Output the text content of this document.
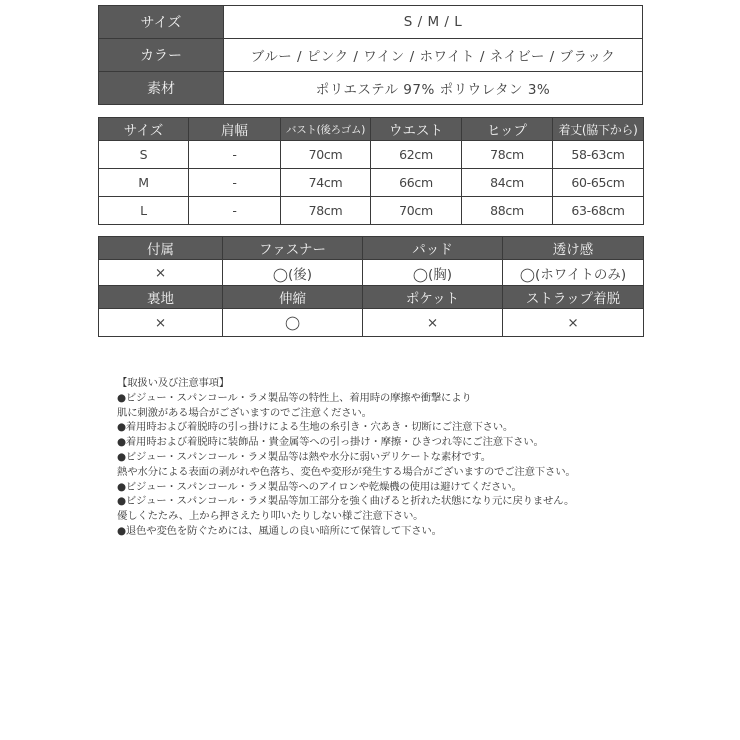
サイズ	S / M / L
カラー	ブルー / ピンク / ワイン / ホワイト / ネイビー / ブラック
素材	ポリエステル 97% ポリウレタン 3%
サイズ	肩幅	バスト(後ろゴム)	ウエスト	ヒップ	着丈(脇下から)
S	-	70cm	62cm	78cm	58-63cm
M	-	74cm	66cm	84cm	60-65cm
L	-	78cm	70cm	88cm	63-68cm
付属	ファスナー	パッド	透け感
×	◯(後)	◯(胸)	◯(ホワイトのみ)
裏地	伸縮	ポケット	ストラップ着脱
×	◯	×	×
【取扱い及び注意事項】
●ビジュー・スパンコール・ラメ製品等の特性上、着用時の摩擦や衝撃により
肌に刺激がある場合がございますのでご注意ください。
●着用時および着脱時の引っ掛けによる生地の糸引き・穴あき・切断にご注意下さい。
●着用時および着脱時に装飾品・貴金属等への引っ掛け・摩擦・ひきつれ等にご注意下さい。
●ビジュー・スパンコール・ラメ製品等は熱や水分に弱いデリケートな素材です。
熱や水分による表面の剥がれや色落ち、変色や変形が発生する場合がございますのでご注意下さい。
●ビジュー・スパンコール・ラメ製品等へのアイロンや乾燥機の使用は避けてください。
●ビジュー・スパンコール・ラメ製品等加工部分を強く曲げると折れた状態になり元に戻りません。
優しくたたみ、上から押さえたり叩いたりしない様ご注意下さい。
●退色や変色を防ぐためには、風通しの良い暗所にて保管して下さい。
